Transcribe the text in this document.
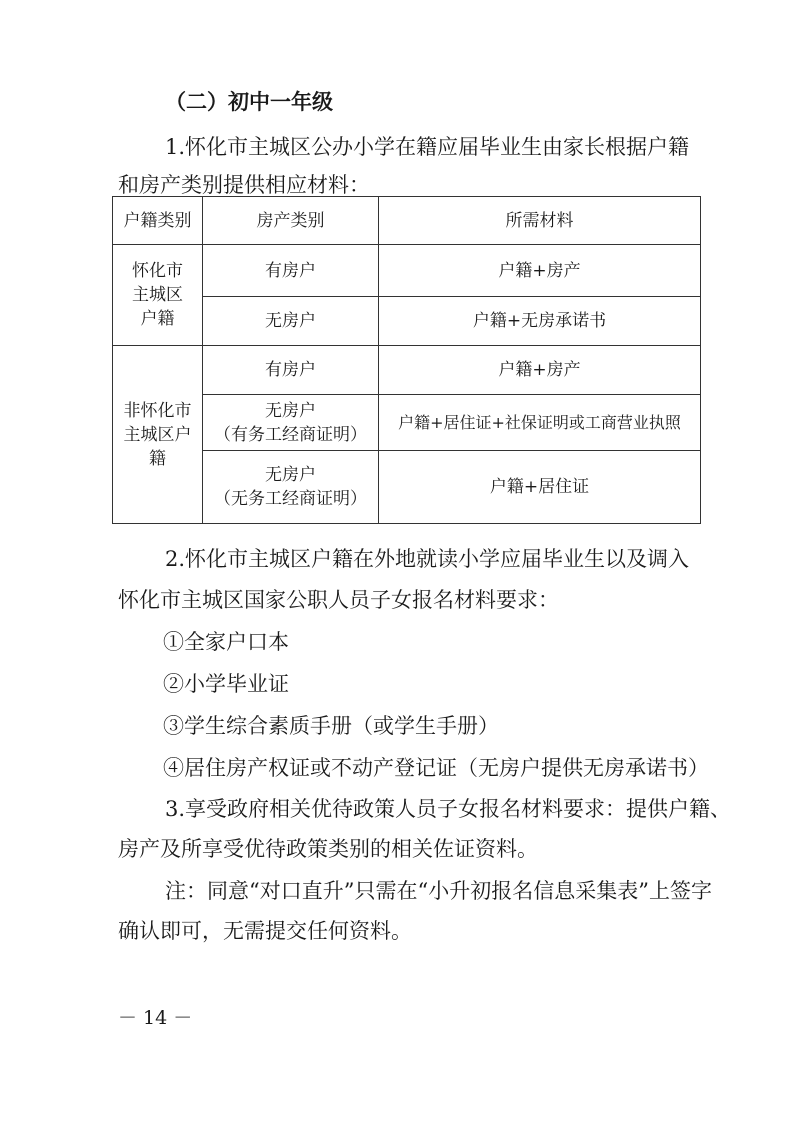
（二）初中一年级
1.怀化市主城区公办小学在籍应届毕业生由家长根据户籍
和房产类别提供相应材料：
户籍类别	房产类别	所需材料

怀化市
主城区
户籍	有房户	户籍+房产
	无房户	户籍+无房承诺书

非怀化市
主城区户
籍	有房户	户籍+房产

	无房户
（有务工经商证明）	户籍+居住证+社保证明或工商营业执照

	无房户
（无务工经商证明）	户籍+居住证
2.怀化市主城区户籍在外地就读小学应届毕业生以及调入
怀化市主城区国家公职人员子女报名材料要求：
①全家户口本
②小学毕业证
③学生综合素质手册（或学生手册）
④居住房产权证或不动产登记证（无房户提供无房承诺书）
3.享受政府相关优待政策人员子女报名材料要求：提供户籍、
房产及所享受优待政策类别的相关佐证资料。
注：同意“对口直升”只需在“小升初报名信息采集表”上签字
确认即可，无需提交任何资料。
－ 14 －
